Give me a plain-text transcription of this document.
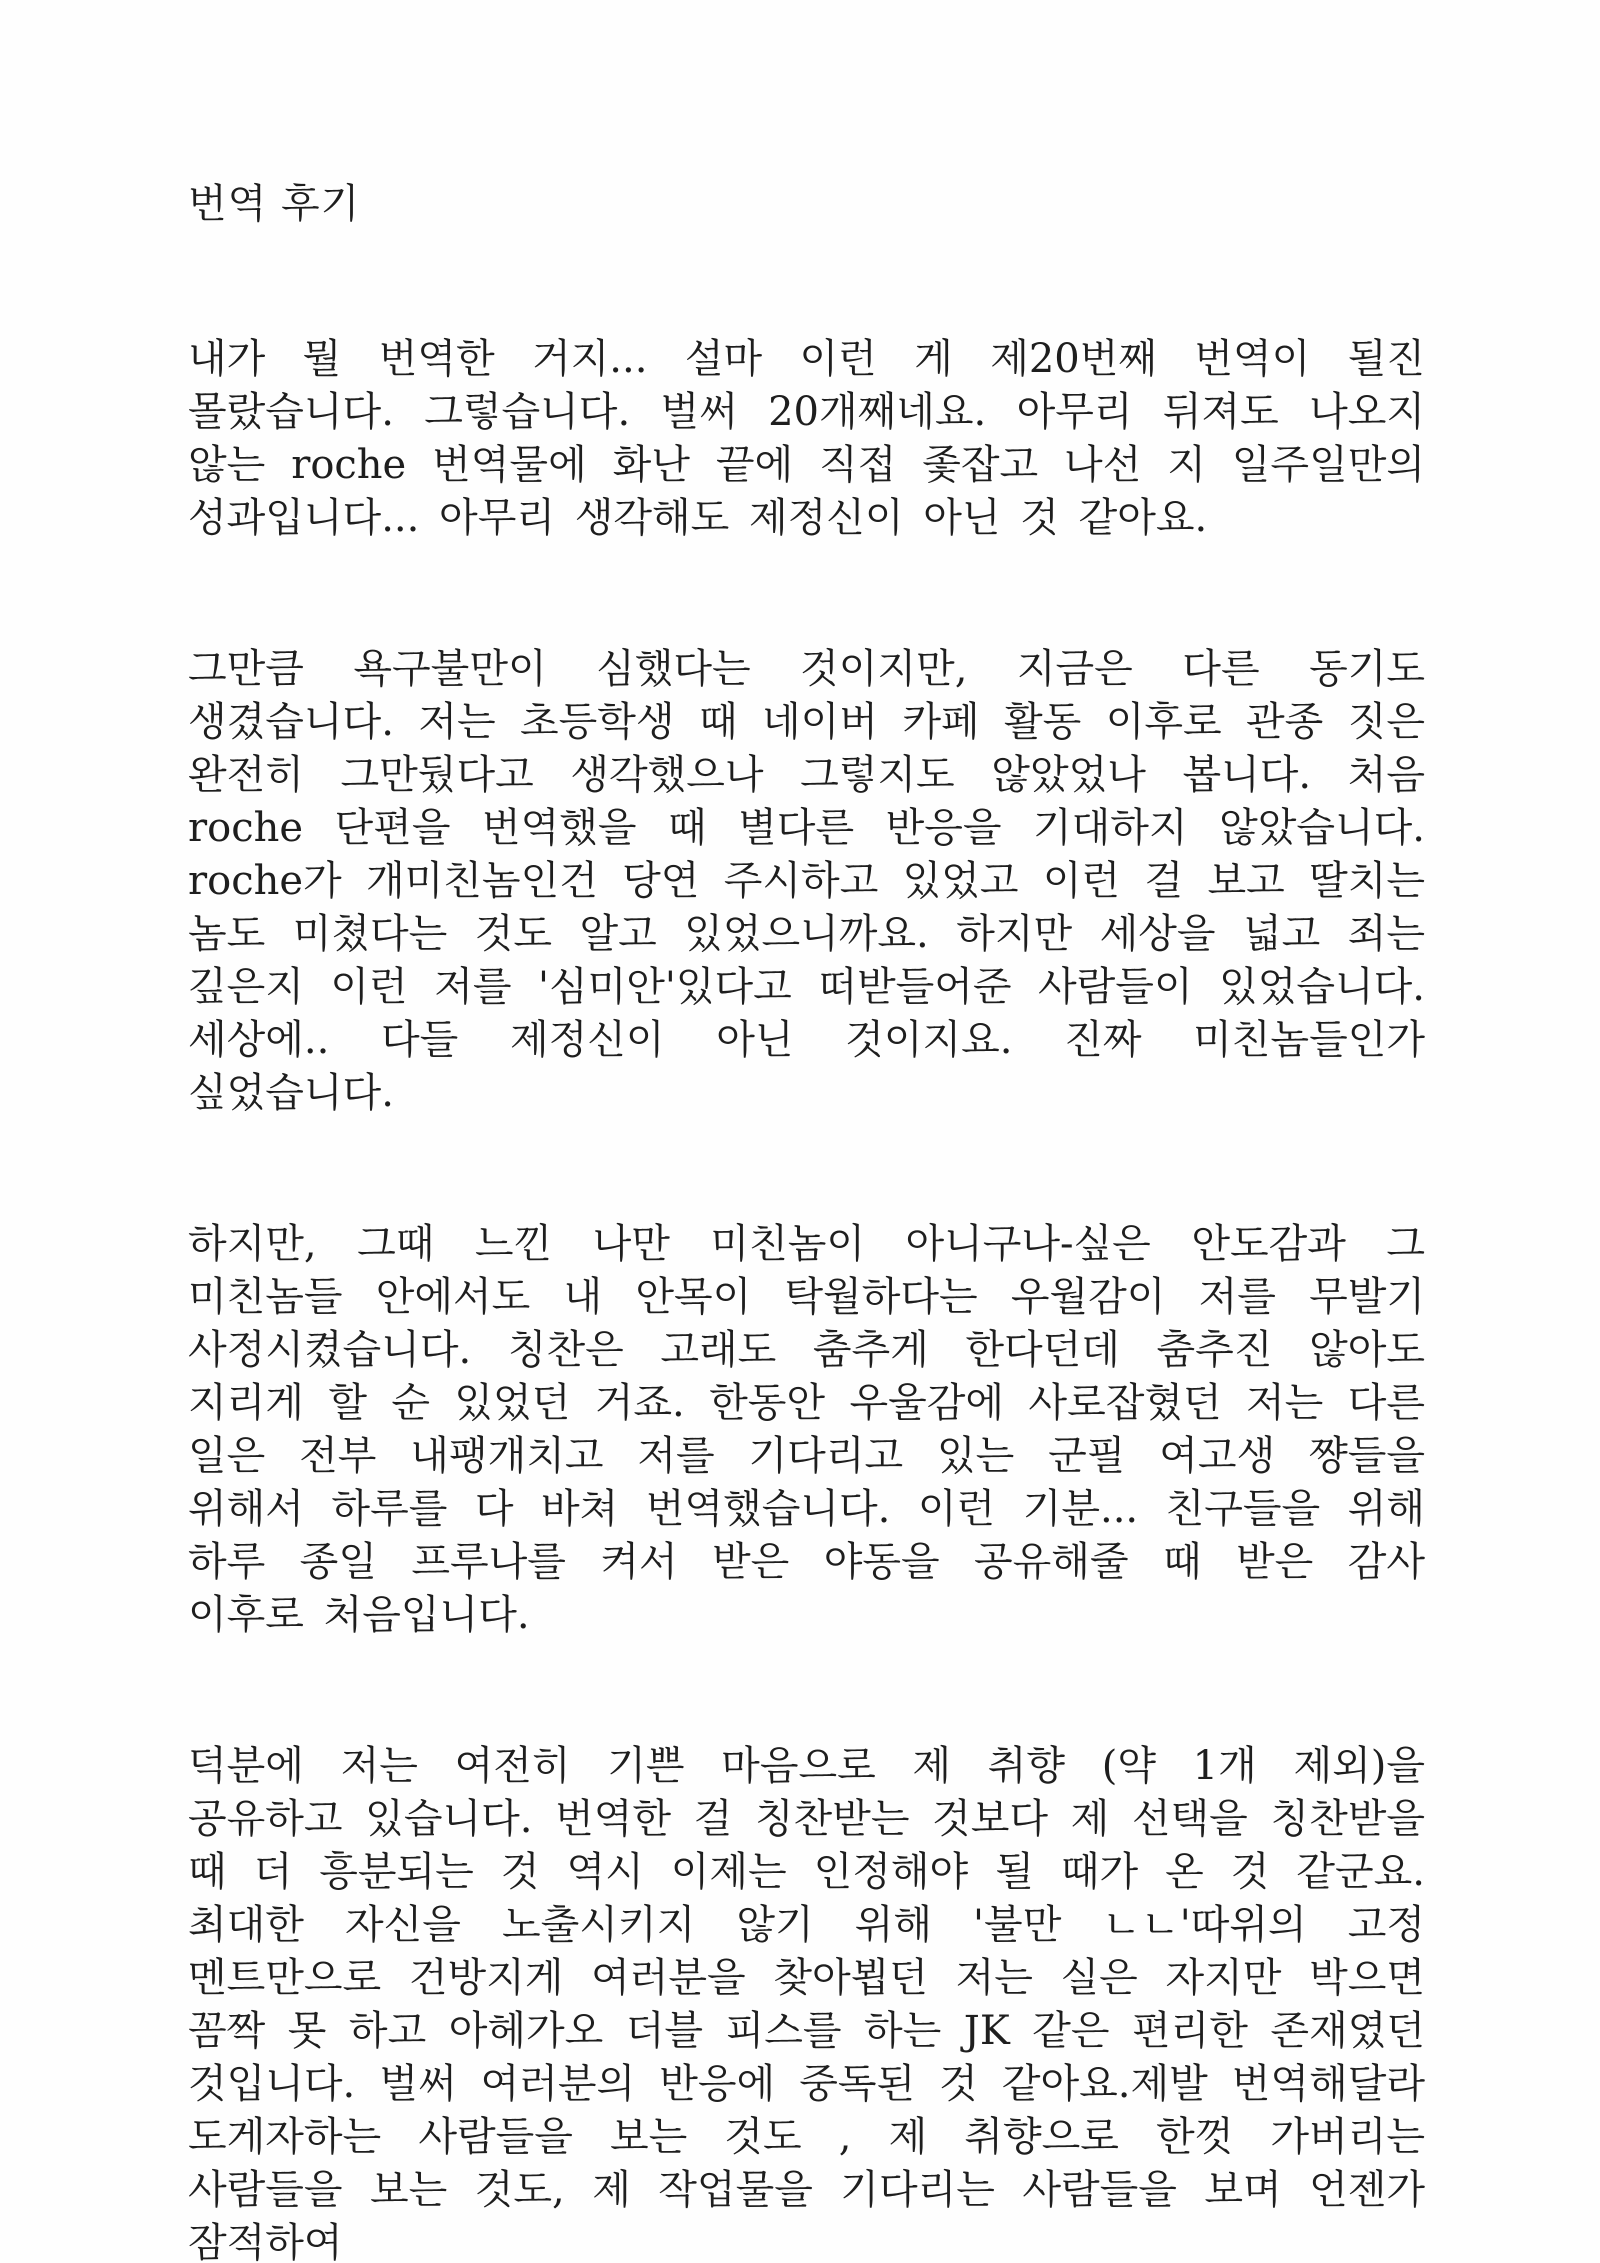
번역 후기

내가 뭘 번역한 거지... 설마 이런 게 제20번째 번역이 될진 몰랐습니다. 그렇습니다. 벌써 20개째네요. 아무리 뒤져도 나오지 않는 roche 번역물에 화난 끝에 직접 좇잡고 나선 지 일주일만의 성과입니다... 아무리 생각해도 제정신이 아닌 것 같아요.

그만큼 욕구불만이 심했다는 것이지만, 지금은 다른 동기도 생겼습니다. 저는 초등학생 때 네이버 카페 활동 이후로 관종 짓은 완전히 그만뒀다고 생각했으나 그렇지도 않았었나 봅니다. 처음 roche 단편을 번역했을 때 별다른 반응을 기대하지 않았습니다. roche가 개미친놈인건 당연 주시하고 있었고 이런 걸 보고 딸치는 놈도 미쳤다는 것도 알고 있었으니까요. 하지만 세상을 넓고 죄는 깊은지 이런 저를 '심미안'있다고 떠받들어준 사람들이 있었습니다. 세상에.. 다들 제정신이 아닌 것이지요. 진짜 미친놈들인가 싶었습니다.

하지만, 그때 느낀 나만 미친놈이 아니구나-싶은 안도감과 그 미친놈들 안에서도 내 안목이 탁월하다는 우월감이 저를 무발기 사정시켰습니다. 칭찬은 고래도 춤추게 한다던데 춤추진 않아도 지리게 할 순 있었던 거죠. 한동안 우울감에 사로잡혔던 저는 다른 일은 전부 내팽개치고 저를 기다리고 있는 군필 여고생 쨩들을 위해서 하루를 다 바쳐 번역했습니다. 이런 기분... 친구들을 위해 하루 종일 프루나를 켜서 받은 야동을 공유해줄 때 받은 감사 이후로 처음입니다.

덕분에 저는 여전히 기쁜 마음으로 제 취향 (약 1개 제외)을 공유하고 있습니다. 번역한 걸 칭찬받는 것보다 제 선택을 칭찬받을 때 더 흥분되는 것 역시 이제는 인정해야 될 때가 온 것 같군요. 최대한 자신을 노출시키지 않기 위해 '불만 ㄴㄴ'따위의 고정 멘트만으로 건방지게 여러분을 찾아뵙던 저는 실은 자지만 박으면 꼼짝 못 하고 아헤가오 더블 피스를 하는 JK 같은 편리한 존재였던 것입니다. 벌써 여러분의 반응에 중독된 것 같아요.제발 번역해달라 도게자하는 사람들을 보는 것도 , 제 취향으로 한껏 가버리는 사람들을 보는 것도, 제 작업물을 기다리는 사람들을 보며 언젠가 잠적하여
